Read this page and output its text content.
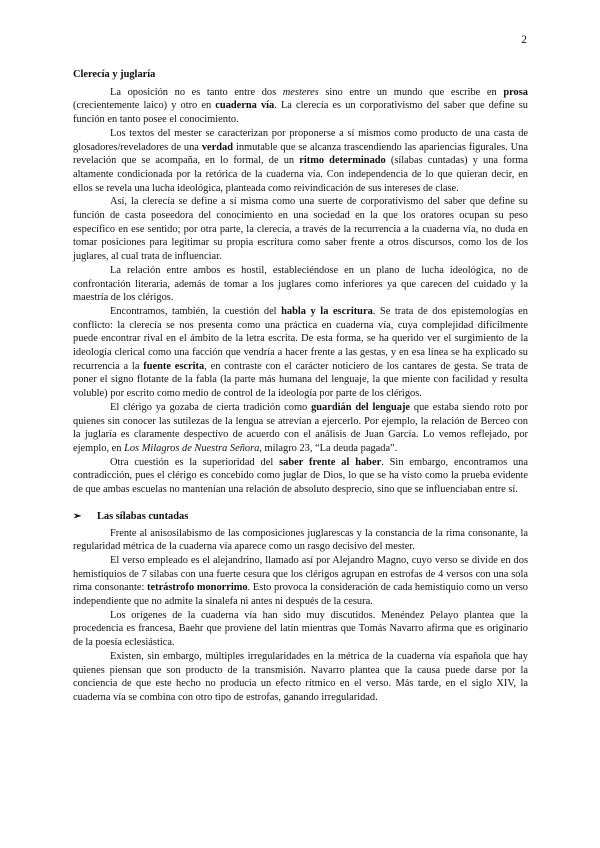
2
Clerecía y juglaría

La oposición no es tanto entre dos mesteres sino entre un mundo que escribe en prosa (crecientemente laico) y otro en cuaderna vía. La clerecía es un corporativismo del saber que define su función en tanto posee el conocimiento.

Los textos del mester se caracterizan por proponerse a sí mismos como producto de una casta de glosadores/reveladores de una verdad inmutable que se alcanza trascendiendo las apariencias figurales. Una revelación que se acompaña, en lo formal, de un ritmo determinado (sílabas cuntadas) y una forma altamente condicionada por la retórica de la cuaderna vía. Con independencia de lo que quieran decir, en ellos se revela una lucha ideológica, planteada como reivindicación de sus intereses de clase.

Así, la clerecía se define a sí misma como una suerte de corporativismo del saber que define su función de casta poseedora del conocimiento en una sociedad en la que los oratores ocupan su peso específico en ese sentido; por otra parte, la clerecía, a través de la recurrencia a la cuaderna vía, no duda en tomar posiciones para legitimar su propia escritura como saber frente a otros discursos, como los de los juglares, al cual trata de influenciar.

La relación entre ambos es hostil, estableciéndose en un plano de lucha ideológica, no de confrontación literaria, además de tomar a los juglares como inferiores ya que carecen del cuidado y la maestría de los clérigos.

Encontramos, también, la cuestión del habla y la escritura. Se trata de dos epistemologías en conflicto: la clerecía se nos presenta como una práctica en cuaderna vía, cuya complejidad difícilmente puede encontrar rival en el ámbito de la letra escrita. De esta forma, se ha querido ver el surgimiento de la ideología clerical como una facción que vendría a hacer frente a las gestas, y en esa línea se ha explicado su recurrencia a la fuente escrita, en contraste con el carácter noticiero de los cantares de gesta. Se trata de poner el signo flotante de la fabla (la parte más humana del lenguaje, la que miente con facilidad y resulta voluble) por escrito como medio de control de la ideología por parte de los clérigos.

El clérigo ya gozaba de cierta tradición como guardián del lenguaje que estaba siendo roto por quienes sin conocer las sutilezas de la lengua se atrevían a ejercerlo. Por ejemplo, la relación de Berceo con la juglaría es claramente despectivo de acuerdo con el análisis de Juan García. Lo vemos reflejado, por ejemplo, en Los Milagros de Nuestra Señora, milagro 23, “La deuda pagada”.

Otra cuestión es la superioridad del saber frente al haber. Sin embargo, encontramos una contradicción, pues el clérigo es concebido como juglar de Dios, lo que se ha visto como la prueba evidente de que ambas escuelas no mantenían una relación de absoluto desprecio, sino que se influenciaban entre sí.

➢	Las sílabas cuntadas

Frente al anisosilabismo de las composiciones juglarescas y la constancia de la rima consonante, la regularidad métrica de la cuaderna vía aparece como un rasgo decisivo del mester.

El verso empleado es el alejandrino, llamado así por Alejandro Magno, cuyo verso se divide en dos hemistiquios de 7 sílabas con una fuerte cesura que los clérigos agrupan en estrofas de 4 versos con una sola rima consonante: tetrástrofo monorrimo. Esto provoca la consideración de cada hemistiquio como un verso independiente que no admite la sinalefa ni antes ni después de la cesura.

Los orígenes de la cuaderna vía han sido muy discutidos. Menéndez Pelayo plantea que la procedencia es francesa, Baehr que proviene del latín mientras que Tomás Navarro afirma que es originario de la poesía eclesiástica.

Existen, sin embargo, múltiples irregularidades en la métrica de la cuaderna vía española que hay quienes piensan que son producto de la transmisión. Navarro plantea que la causa puede darse por la conciencia de que este hecho no producía un efecto rítmico en el verso. Más tarde, en el siglo XIV, la cuaderna vía se combina con otro tipo de estrofas, ganando irregularidad.
